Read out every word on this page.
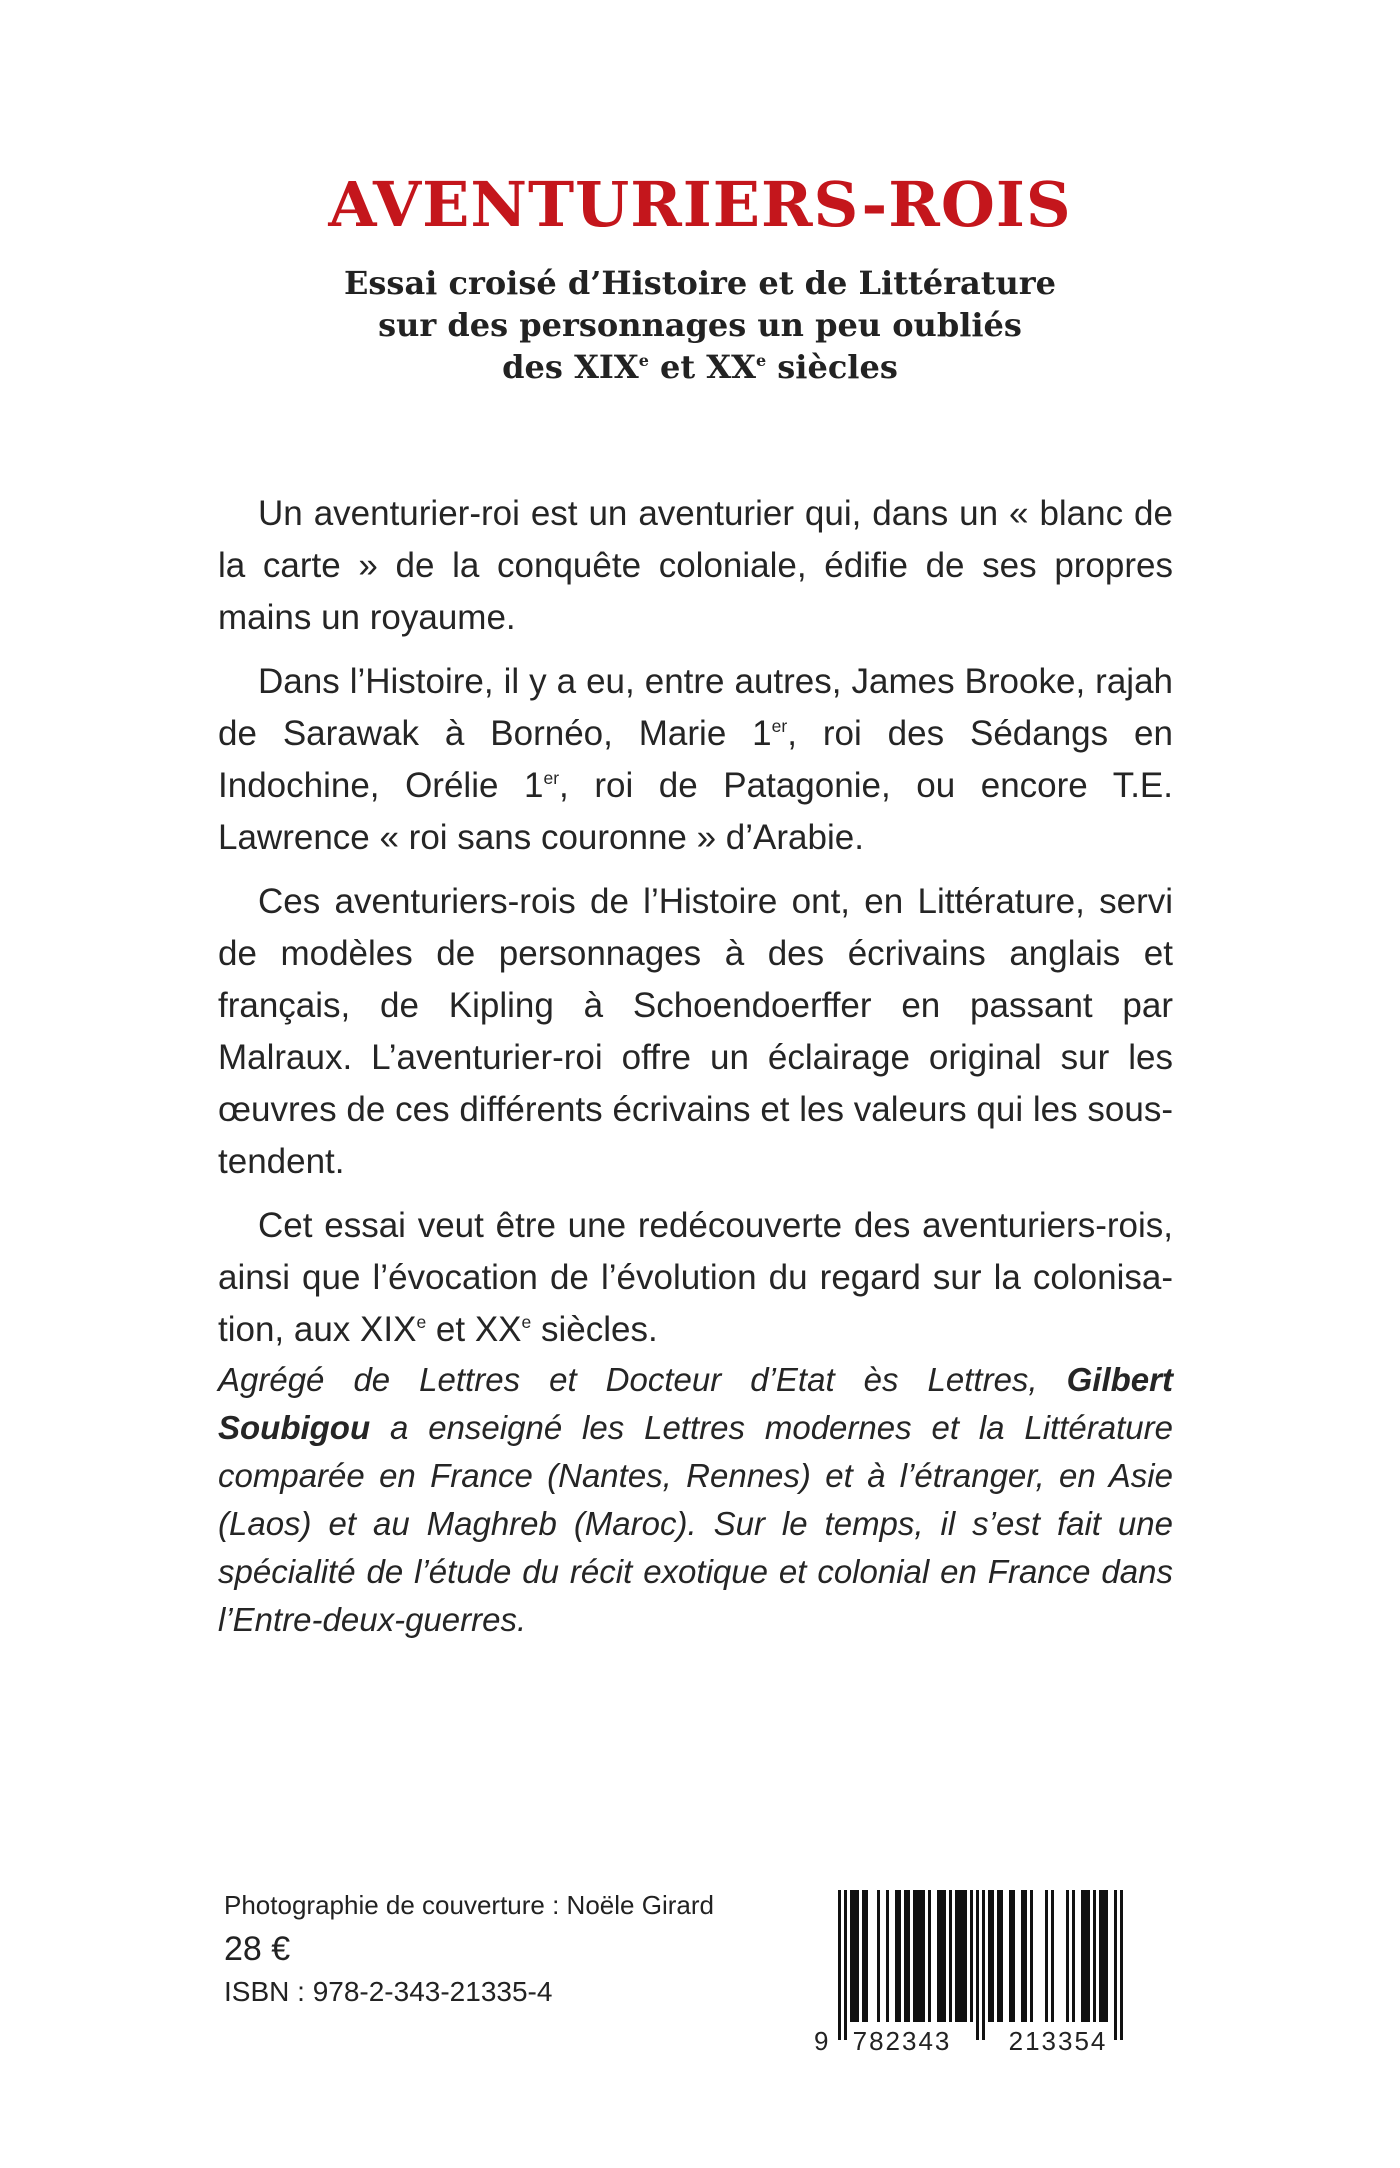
AVENTURIERS-ROIS
Essai croisé d’Histoire et de Littérature
sur des personnages un peu oubliés
des XIXe et XXe siècles

Un aventurier-roi est un aventurier qui, dans un « blanc de la carte » de la conquête coloniale, édifie de ses propres mains un royaume.

Dans l’Histoire, il y a eu, entre autres, James Brooke, rajah de Sarawak à Bornéo, Marie 1er, roi des Sédangs en Indochine, Orélie 1er, roi de Patagonie, ou encore T.E. Lawrence « roi sans couronne » d’Arabie.

Ces aventuriers-rois de l’Histoire ont, en Littérature, servi de modèles de personnages à des écrivains anglais et français, de Kipling à Schoendoerffer en passant par Malraux. L’aventurier-roi offre un éclairage original sur les œuvres de ces différents écrivains et les valeurs qui les sous-tendent.

Cet essai veut être une redécouverte des aventuriers-rois, ainsi que l’évocation de l’évolution du regard sur la colonisa-tion, aux XIXe et XXe siècles.

Agrégé de Lettres et Docteur d’Etat ès Lettres, Gilbert Soubigou a enseigné les Lettres modernes et la Littérature comparée en France (Nantes, Rennes) et à l’étranger, en Asie (Laos) et au Maghreb (Maroc). Sur le temps, il s’est fait une spécialité de l’étude du récit exotique et colonial en France dans l’Entre-deux-guerres.
Photographie de couverture : Noële Girard
28 €
ISBN : 978-2-343-21335-4
9 782343 213354
